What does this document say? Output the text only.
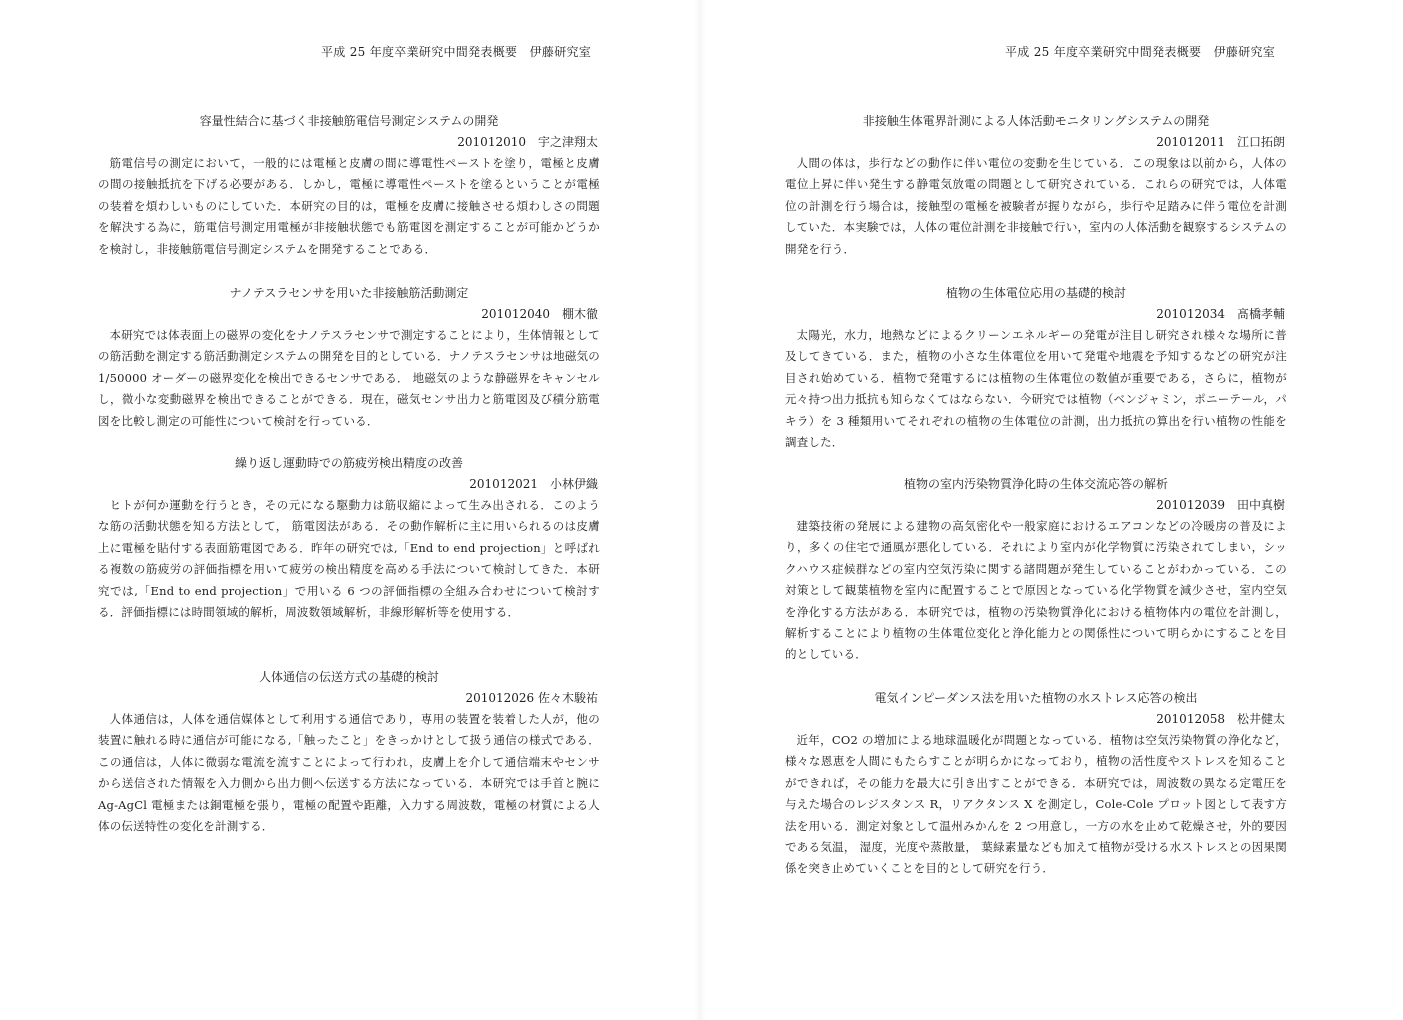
平成 25 年度卒業研究中間発表概要　伊藤研究室
容量性結合に基づく非接触筋電信号測定システムの開発
201012010　宇之津翔太

筋電信号の測定において，一般的には電極と皮膚の間に導電性ペーストを塗り，電極と皮膚の間の接触抵抗を下げる必要がある．しかし，電極に導電性ペーストを塗るということが電極の装着を煩わしいものにしていた．本研究の目的は，電極を皮膚に接触させる煩わしさの問題を解決する為に，筋電信号測定用電極が非接触状態でも筋電図を測定することが可能かどうかを検討し，非接触筋電信号測定システムを開発することである．

ナノテスラセンサを用いた非接触筋活動測定
201012040　棚木徹

本研究では体表面上の磁界の変化をナノテスラセンサで測定することにより，生体情報としての筋活動を測定する筋活動測定システムの開発を目的としている．ナノテスラセンサは地磁気の 1/50000 オーダーの磁界変化を検出できるセンサである． 地磁気のような静磁界をキャンセルし，微小な変動磁界を検出できることができる．現在，磁気センサ出力と筋電図及び積分筋電図を比較し測定の可能性について検討を行っている．

繰り返し運動時での筋疲労検出精度の改善
201012021　小林伊織

ヒトが何か運動を行うとき，その元になる駆動力は筋収縮によって生み出される．このような筋の活動状態を知る方法として， 筋電図法がある．その動作解析に主に用いられるのは皮膚上に電極を貼付する表面筋電図である．昨年の研究では,「End to end projection」と呼ばれる複数の筋疲労の評価指標を用いて疲労の検出精度を高める手法について検討してきた．本研究では,「End to end projection」で用いる 6 つの評価指標の全組み合わせについて検討する．評価指標には時間領域的解析，周波数領域解析，非線形解析等を使用する．

人体通信の伝送方式の基礎的検討
201012026 佐々木駿祐

人体通信は，人体を通信媒体として利用する通信であり，専用の装置を装着した人が，他の装置に触れる時に通信が可能になる,「触ったこと」をきっかけとして扱う通信の様式である．この通信は，人体に微弱な電流を流すことによって行われ，皮膚上を介して通信端末やセンサから送信された情報を入力側から出力側へ伝送する方法になっている．本研究では手首と腕に Ag-AgCl 電極または銅電極を張り，電極の配置や距離，入力する周波数，電極の材質による人体の伝送特性の変化を計測する．

平成 25 年度卒業研究中間発表概要　伊藤研究室
非接触生体電界計測による人体活動モニタリングシステムの開発
201012011　江口拓朗

人間の体は，歩行などの動作に伴い電位の変動を生じている．この現象は以前から，人体の電位上昇に伴い発生する静電気放電の問題として研究されている．これらの研究では，人体電位の計測を行う場合は，接触型の電極を被験者が握りながら，歩行や足踏みに伴う電位を計測していた．本実験では，人体の電位計測を非接触で行い，室内の人体活動を観察するシステムの開発を行う．

植物の生体電位応用の基礎的検討
201012034　髙橋孝輔

太陽光，水力，地熱などによるクリーンエネルギーの発電が注目し研究され様々な場所に普及してきている．また，植物の小さな生体電位を用いて発電や地震を予知するなどの研究が注目され始めている．植物で発電するには植物の生体電位の数値が重要である，さらに，植物が元々持つ出力抵抗も知らなくてはならない．今研究では植物（ベンジャミン，ポニーテール，パキラ）を 3 種類用いてそれぞれの植物の生体電位の計測，出力抵抗の算出を行い植物の性能を調査した．

植物の室内汚染物質浄化時の生体交流応答の解析
201012039　田中真樹

建築技術の発展による建物の高気密化や一般家庭におけるエアコンなどの冷暖房の普及により，多くの住宅で通風が悪化している．それにより室内が化学物質に汚染されてしまい，シックハウス症候群などの室内空気汚染に関する諸問題が発生していることがわかっている．この対策として観葉植物を室内に配置することで原因となっている化学物質を減少させ，室内空気を浄化する方法がある．本研究では，植物の汚染物質浄化における植物体内の電位を計測し，解析することにより植物の生体電位変化と浄化能力との関係性について明らかにすることを目的としている．

電気インピーダンス法を用いた植物の水ストレス応答の検出
201012058　松井健太

近年，CO2 の増加による地球温暖化が問題となっている．植物は空気汚染物質の浄化など，様々な恩恵を人間にもたらすことが明らかになっており，植物の活性度やストレスを知ることができれば，その能力を最大に引き出すことができる．本研究では，周波数の異なる定電圧を与えた場合のレジスタンス R，リアクタンス X を測定し，Cole-Cole プロット図として表す方法を用いる．測定対象として温州みかんを 2 つ用意し，一方の水を止めて乾燥させ，外的要因である気温， 湿度，光度や蒸散量， 葉緑素量なども加えて植物が受ける水ストレスとの因果関係を突き止めていくことを目的として研究を行う．
